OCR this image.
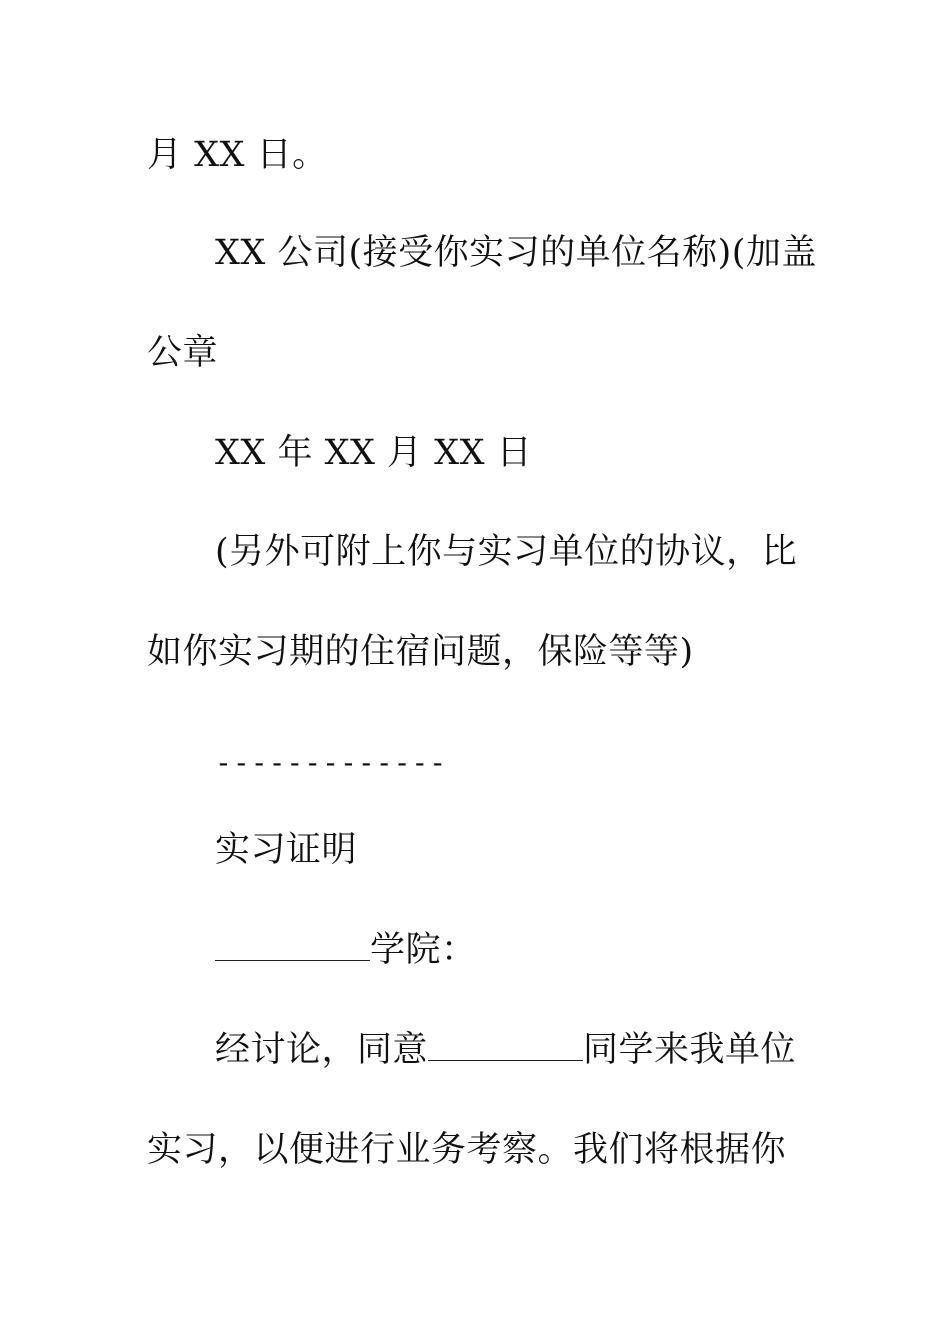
月 XX 日。
XX 公司(接受你实习的单位名称)(加盖
公章
XX 年 XX 月 XX 日
(另外可附上你与实习单位的协议，比
如你实习期的住宿问题，保险等等)
-------------
实习证明
学院：
经讨论，同意	同学来我单位
实习，以便进行业务考察。我们将根据你
